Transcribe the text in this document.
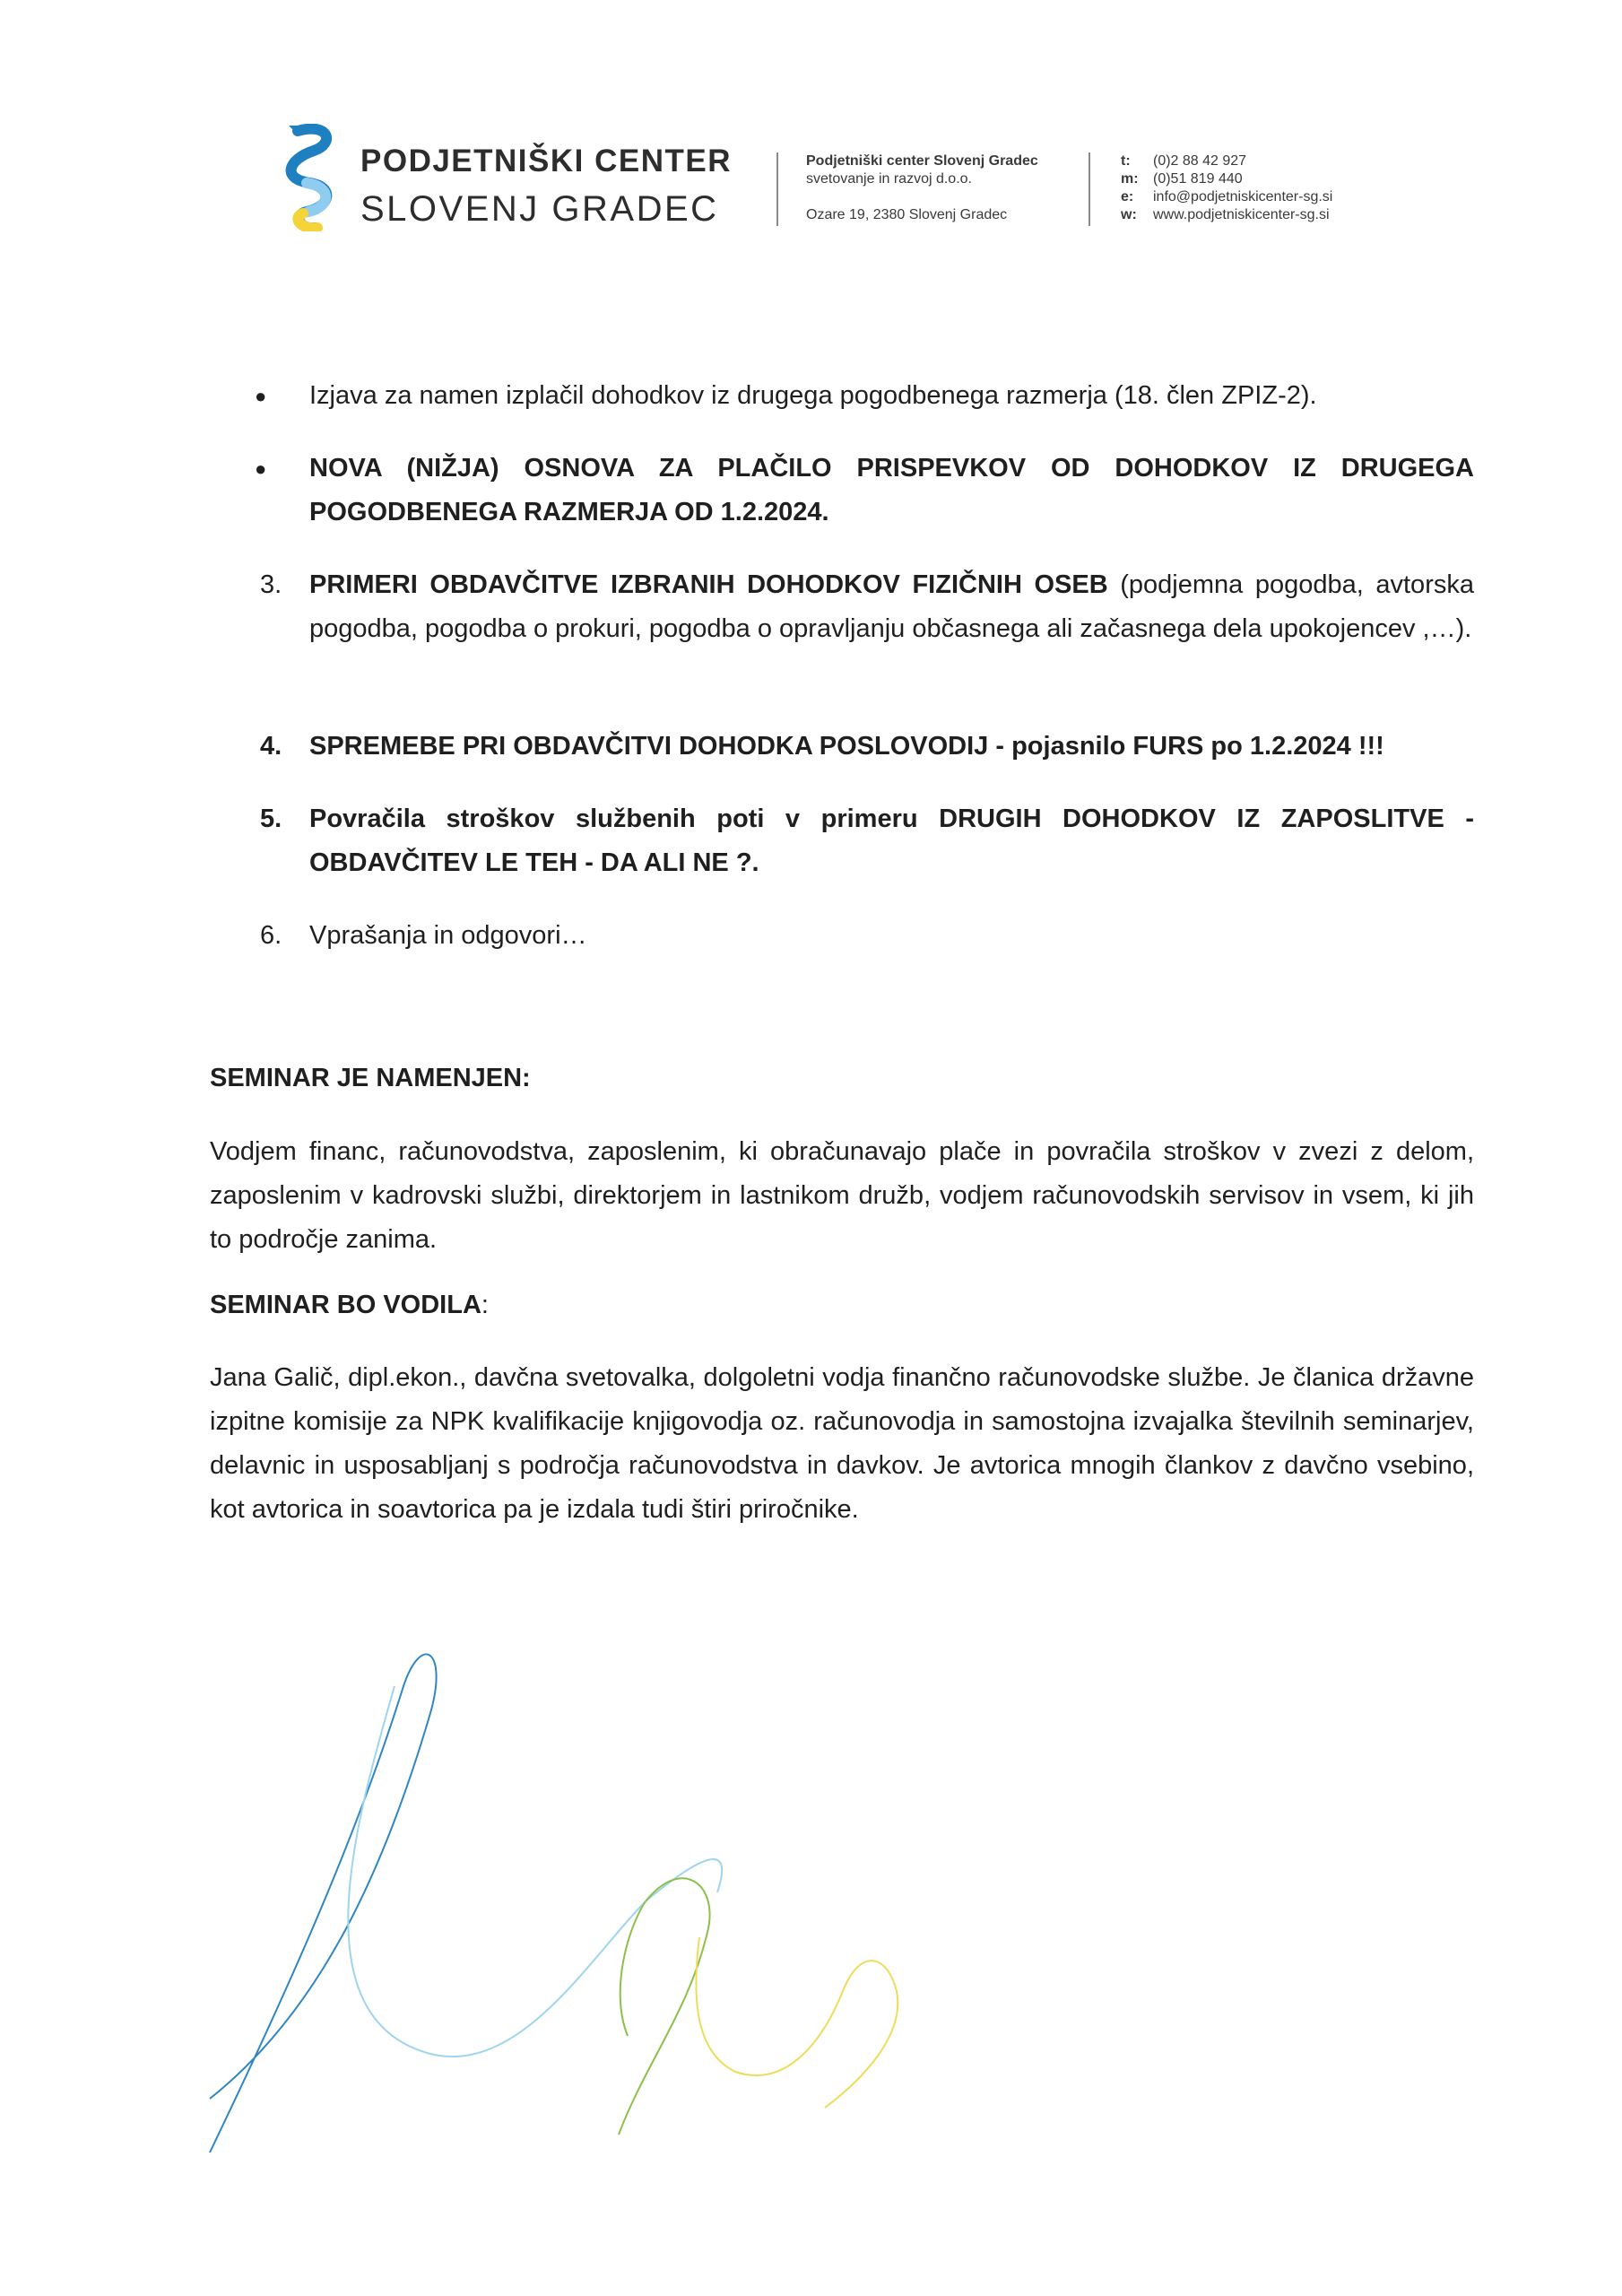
PODJETNIŠKI CENTER
SLOVENJ GRADEC
Podjetniški center Slovenj Gradec
svetovanje in razvoj d.o.o.
Ozare 19, 2380 Slovenj Gradec
t:	(0)2 88 42 927
m:	(0)51 819 440
e:	info@podjetniskicenter-sg.si
w:	www.podjetniskicenter-sg.si
● Izjava za namen izplačil dohodkov iz drugega pogodbenega razmerja (18. člen ZPIZ-2).
● NOVA (NIŽJA) OSNOVA ZA PLAČILO PRISPEVKOV OD DOHODKOV IZ DRUGEGA POGODBENEGA RAZMERJA OD 1.2.2024.
3. PRIMERI OBDAVČITVE IZBRANIH DOHODKOV FIZIČNIH OSEB (podjemna pogodba, avtorska pogodba, pogodba o prokuri, pogodba o opravljanju občasnega ali začasnega dela upokojencev ,…).
4. SPREMEBE PRI OBDAVČITVI DOHODKA POSLOVODIJ - pojasnilo FURS po 1.2.2024 !!!
5. Povračila stroškov službenih poti v primeru DRUGIH DOHODKOV IZ ZAPOSLITVE - OBDAVČITEV LE TEH - DA ALI NE ?.
6. Vprašanja in odgovori…
SEMINAR JE NAMENJEN:
Vodjem financ, računovodstva, zaposlenim, ki obračunavajo plače in povračila stroškov v zvezi z delom, zaposlenim v kadrovski službi, direktorjem in lastnikom družb, vodjem računovodskih servisov in vsem, ki jih to področje zanima.
SEMINAR BO VODILA:
Jana Galič, dipl.ekon., davčna svetovalka, dolgoletni vodja finančno računovodske službe. Je članica državne izpitne komisije za NPK kvalifikacije knjigovodja oz. računovodja in samostojna izvajalka številnih seminarjev, delavnic in usposabljanj s področja računovodstva in davkov. Je avtorica mnogih člankov z davčno vsebino, kot avtorica in soavtorica pa je izdala tudi štiri priročnike.
